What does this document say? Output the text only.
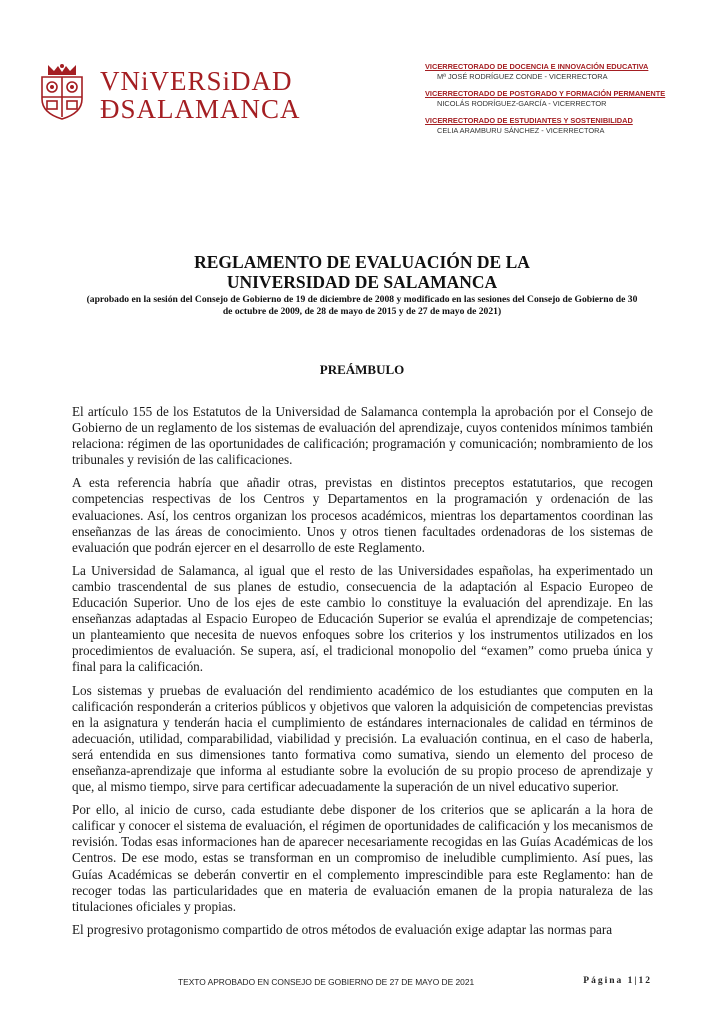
VNiVERSiDAD
ÐSALAMANCA
VICERRECTORADO DE DOCENCIA E INNOVACIÓN EDUCATIVA
Mª JOSÉ RODRÍGUEZ CONDE - VICERRECTORA
VICERRECTORADO DE POSTGRADO Y FORMACIÓN PERMANENTE
NICOLÁS RODRÍGUEZ-GARCÍA - VICERRECTOR
VICERRECTORADO DE ESTUDIANTES Y SOSTENIBILIDAD
CELIA ARAMBURU SÁNCHEZ - VICERRECTORA
REGLAMENTO DE EVALUACIÓN DE LA
UNIVERSIDAD DE SALAMANCA
(aprobado en la sesión del Consejo de Gobierno de 19 de diciembre de 2008 y modificado en las sesiones del Consejo de Gobierno de 30 de octubre de 2009, de 28 de mayo de 2015 y de 27 de mayo de 2021)
PREÁMBULO

El artículo 155 de los Estatutos de la Universidad de Salamanca contempla la aprobación por el Consejo de Gobierno de un reglamento de los sistemas de evaluación del aprendizaje, cuyos contenidos mínimos también relaciona: régimen de las oportunidades de calificación; programación y comunicación; nombramiento de los tribunales y revisión de las calificaciones.

A esta referencia habría que añadir otras, previstas en distintos preceptos estatutarios, que recogen competencias respectivas de los Centros y Departamentos en la programación y ordenación de las evaluaciones. Así, los centros organizan los procesos académicos, mientras los departamentos coordinan las enseñanzas de las áreas de conocimiento. Unos y otros tienen facultades ordenadoras de los sistemas de evaluación que podrán ejercer en el desarrollo de este Reglamento.

La Universidad de Salamanca, al igual que el resto de las Universidades españolas, ha experimentado un cambio trascendental de sus planes de estudio, consecuencia de la adaptación al Espacio Europeo de Educación Superior. Uno de los ejes de este cambio lo constituye la evaluación del aprendizaje. En las enseñanzas adaptadas al Espacio Europeo de Educación Superior se evalúa el aprendizaje de competencias; un planteamiento que necesita de nuevos enfoques sobre los criterios y los instrumentos utilizados en los procedimientos de evaluación. Se supera, así, el tradicional monopolio del “examen” como prueba única y final para la calificación.

Los sistemas y pruebas de evaluación del rendimiento académico de los estudiantes que computen en la calificación responderán a criterios públicos y objetivos que valoren la adquisición de competencias previstas en la asignatura y tenderán hacia el cumplimiento de estándares internacionales de calidad en términos de adecuación, utilidad, comparabilidad, viabilidad y precisión. La evaluación continua, en el caso de haberla, será entendida en sus dimensiones tanto formativa como sumativa, siendo un elemento del proceso de enseñanza-aprendizaje que informa al estudiante sobre la evolución de su propio proceso de aprendizaje y que, al mismo tiempo, sirve para certificar adecuadamente la superación de un nivel educativo superior.

Por ello, al inicio de curso, cada estudiante debe disponer de los criterios que se aplicarán a la hora de calificar y conocer el sistema de evaluación, el régimen de oportunidades de calificación y los mecanismos de revisión. Todas esas informaciones han de aparecer necesariamente recogidas en las Guías Académicas de los Centros. De ese modo, estas se transforman en un compromiso de ineludible cumplimiento. Así pues, las Guías Académicas se deberán convertir en el complemento imprescindible para este Reglamento: han de recoger todas las particularidades que en materia de evaluación emanen de la propia naturaleza de las titulaciones oficiales y propias.

El progresivo protagonismo compartido de otros métodos de evaluación exige adaptar las normas para

TEXTO APROBADO EN CONSEJO DE GOBIERNO DE 27 DE MAYO DE 2021	Página 1|12
